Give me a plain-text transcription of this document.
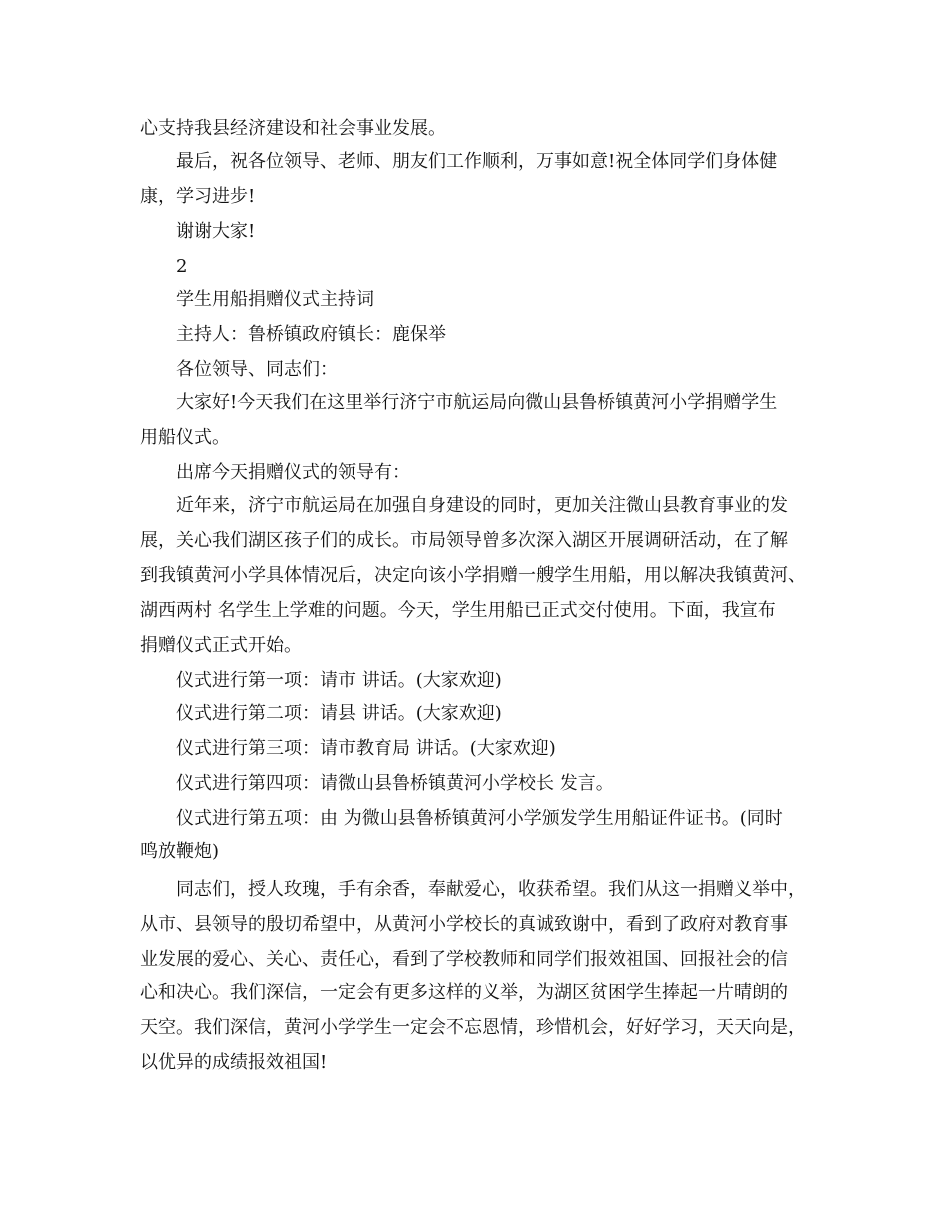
心支持我县经济建设和社会事业发展。
最后，祝各位领导、老师、朋友们工作顺利，万事如意!祝全体同学们身体健
康，学习进步!
谢谢大家!
2
学生用船捐赠仪式主持词
主持人：鲁桥镇政府镇长：鹿保举
各位领导、同志们：
大家好!今天我们在这里举行济宁市航运局向微山县鲁桥镇黄河小学捐赠学生
用船仪式。
出席今天捐赠仪式的领导有：
近年来，济宁市航运局在加强自身建设的同时，更加关注微山县教育事业的发
展，关心我们湖区孩子们的成长。市局领导曾多次深入湖区开展调研活动，在了解
到我镇黄河小学具体情况后，决定向该小学捐赠一艘学生用船，用以解决我镇黄河、
湖西两村 名学生上学难的问题。今天，学生用船已正式交付使用。下面，我宣布
捐赠仪式正式开始。
仪式进行第一项：请市 讲话。(大家欢迎)
仪式进行第二项：请县 讲话。(大家欢迎)
仪式进行第三项：请市教育局 讲话。(大家欢迎)
仪式进行第四项：请微山县鲁桥镇黄河小学校长 发言。
仪式进行第五项：由 为微山县鲁桥镇黄河小学颁发学生用船证件证书。(同时
鸣放鞭炮)
同志们，授人玫瑰，手有余香，奉献爱心，收获希望。我们从这一捐赠义举中，
从市、县领导的殷切希望中，从黄河小学校长的真诚致谢中，看到了政府对教育事
业发展的爱心、关心、责任心，看到了学校教师和同学们报效祖国、回报社会的信
心和决心。我们深信，一定会有更多这样的义举，为湖区贫困学生捧起一片晴朗的
天空。我们深信，黄河小学学生一定会不忘恩情，珍惜机会，好好学习，天天向是，
以优异的成绩报效祖国!
